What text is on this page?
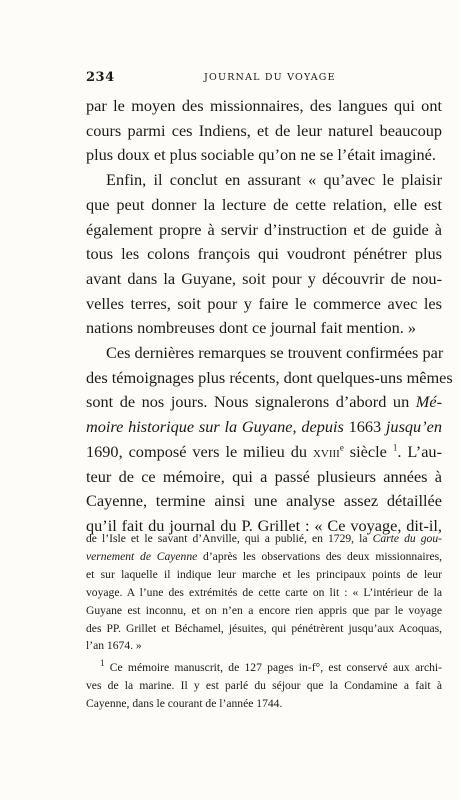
234	JOURNAL DU VOYAGE
par le moyen des missionnaires, des langues qui ont
cours parmi ces Indiens, et de leur naturel beaucoup
plus doux et plus sociable qu’on ne se l’était imaginé.
Enfin, il conclut en assurant « qu’avec le plaisir
que peut donner la lecture de cette relation, elle est
également propre à servir d’instruction et de guide à
tous les colons françois qui voudront pénétrer plus
avant dans la Guyane, soit pour y découvrir de nou-
velles terres, soit pour y faire le commerce avec les
nations nombreuses dont ce journal fait mention. »
Ces dernières remarques se trouvent confirmées par
des témoignages plus récents, dont quelques-uns mêmes
sont de nos jours. Nous signalerons d’abord un Mé-
moire historique sur la Guyane, depuis 1663 jusqu’en
1690, composé vers le milieu du xviii$^e$ siècle $^1$. L’au-
teur de ce mémoire, qui a passé plusieurs années à
Cayenne, termine ainsi une analyse assez détaillée
qu’il fait du journal du P. Grillet : « Ce voyage, dit-il,
de l’Isle et le savant d’Anville, qui a publié, en 1729, la Carte du gou-
vernement de Cayenne d’après les observations des deux missionnaires,
et sur laquelle il indique leur marche et les principaux points de leur
voyage. A l’une des extrémités de cette carte on lit : « L’intérieur de la
Guyane est inconnu, et on n’en a encore rien appris que par le voyage
des PP. Grillet et Béchamel, jésuites, qui pénétrèrent jusqu’aux Acoquas,
l’an 1674. »
$^1$ Ce mémoire manuscrit, de 127 pages in-f°, est conservé aux archi-
ves de la marine. Il y est parlé du séjour que la Condamine a fait à
Cayenne, dans le courant de l’année 1744.
